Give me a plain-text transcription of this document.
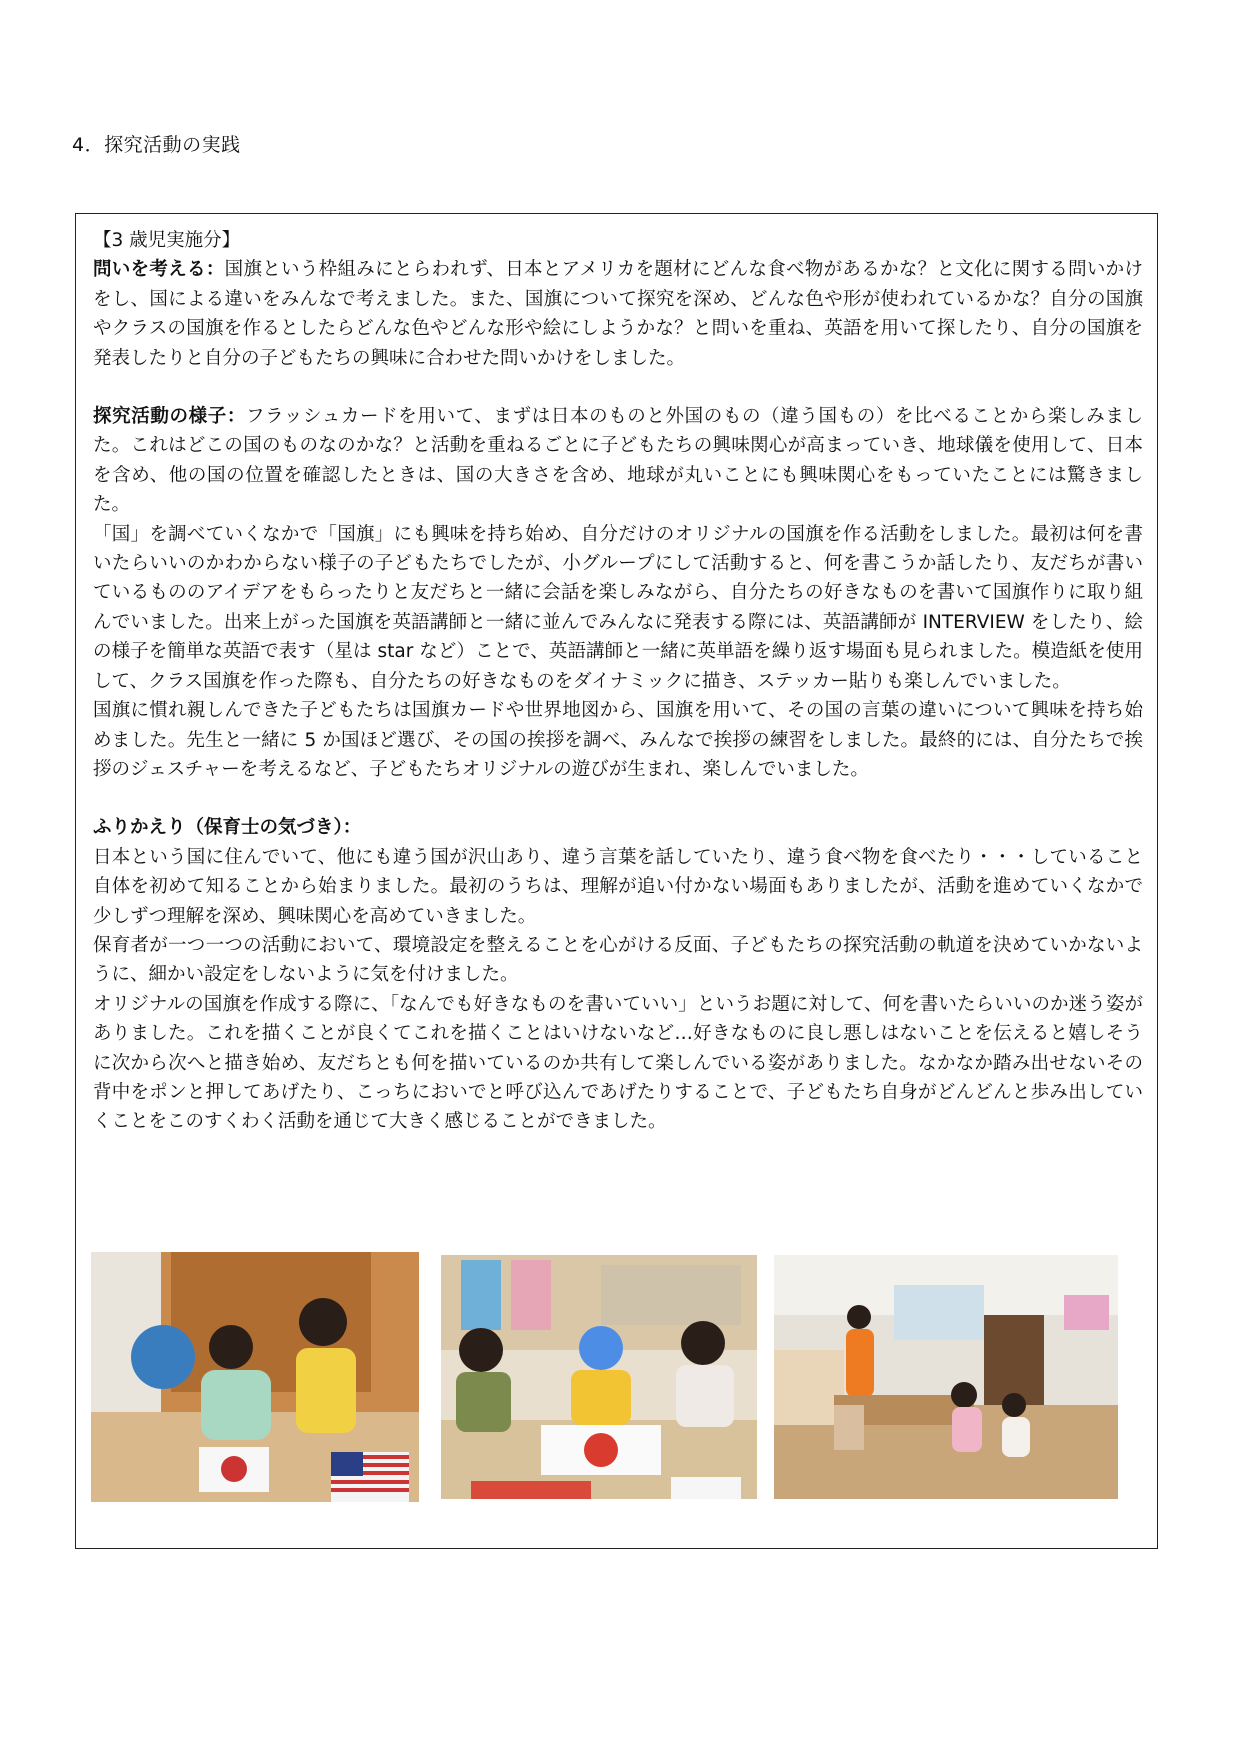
4．探究活動の実践

【3 歳児実施分】

問いを考える：国旗という枠組みにとらわれず、日本とアメリカを題材にどんな食べ物があるかな？と文化に関する問いかけをし、国による違いをみんなで考えました。また、国旗について探究を深め、どんな色や形が使われているかな？自分の国旗やクラスの国旗を作るとしたらどんな色やどんな形や絵にしようかな？と問いを重ね、英語を用いて探したり、自分の国旗を発表したりと自分の子どもたちの興味に合わせた問いかけをしました。

探究活動の様子：フラッシュカードを用いて、まずは日本のものと外国のもの（違う国もの）を比べることから楽しみました。これはどこの国のものなのかな？と活動を重ねるごとに子どもたちの興味関心が高まっていき、地球儀を使用して、日本を含め、他の国の位置を確認したときは、国の大きさを含め、地球が丸いことにも興味関心をもっていたことには驚きました。

「国」を調べていくなかで「国旗」にも興味を持ち始め、自分だけのオリジナルの国旗を作る活動をしました。最初は何を書いたらいいのかわからない様子の子どもたちでしたが、小グループにして活動すると、何を書こうか話したり、友だちが書いているもののアイデアをもらったりと友だちと一緒に会話を楽しみながら、自分たちの好きなものを書いて国旗作りに取り組んでいました。出来上がった国旗を英語講師と一緒に並んでみんなに発表する際には、英語講師が INTERVIEW をしたり、絵の様子を簡単な英語で表す（星は star など）ことで、英語講師と一緒に英単語を繰り返す場面も見られました。模造紙を使用して、クラス国旗を作った際も、自分たちの好きなものをダイナミックに描き、ステッカー貼りも楽しんでいました。

国旗に慣れ親しんできた子どもたちは国旗カードや世界地図から、国旗を用いて、その国の言葉の違いについて興味を持ち始めました。先生と一緒に 5 か国ほど選び、その国の挨拶を調べ、みんなで挨拶の練習をしました。最終的には、自分たちで挨拶のジェスチャーを考えるなど、子どもたちオリジナルの遊びが生まれ、楽しんでいました。

ふりかえり（保育士の気づき）：

日本という国に住んでいて、他にも違う国が沢山あり、違う言葉を話していたり、違う食べ物を食べたり・・・していること自体を初めて知ることから始まりました。最初のうちは、理解が追い付かない場面もありましたが、活動を進めていくなかで少しずつ理解を深め、興味関心を高めていきました。

保育者が一つ一つの活動において、環境設定を整えることを心がける反面、子どもたちの探究活動の軌道を決めていかないように、細かい設定をしないように気を付けました。

オリジナルの国旗を作成する際に、「なんでも好きなものを書いていい」というお題に対して、何を書いたらいいのか迷う姿がありました。これを描くことが良くてこれを描くことはいけないなど…好きなものに良し悪しはないことを伝えると嬉しそうに次から次へと描き始め、友だちとも何を描いているのか共有して楽しんでいる姿がありました。なかなか踏み出せないその背中をポンと押してあげたり、こっちにおいでと呼び込んであげたりすることで、子どもたち自身がどんどんと歩み出していくことをこのすくわく活動を通じて大きく感じることができました。
